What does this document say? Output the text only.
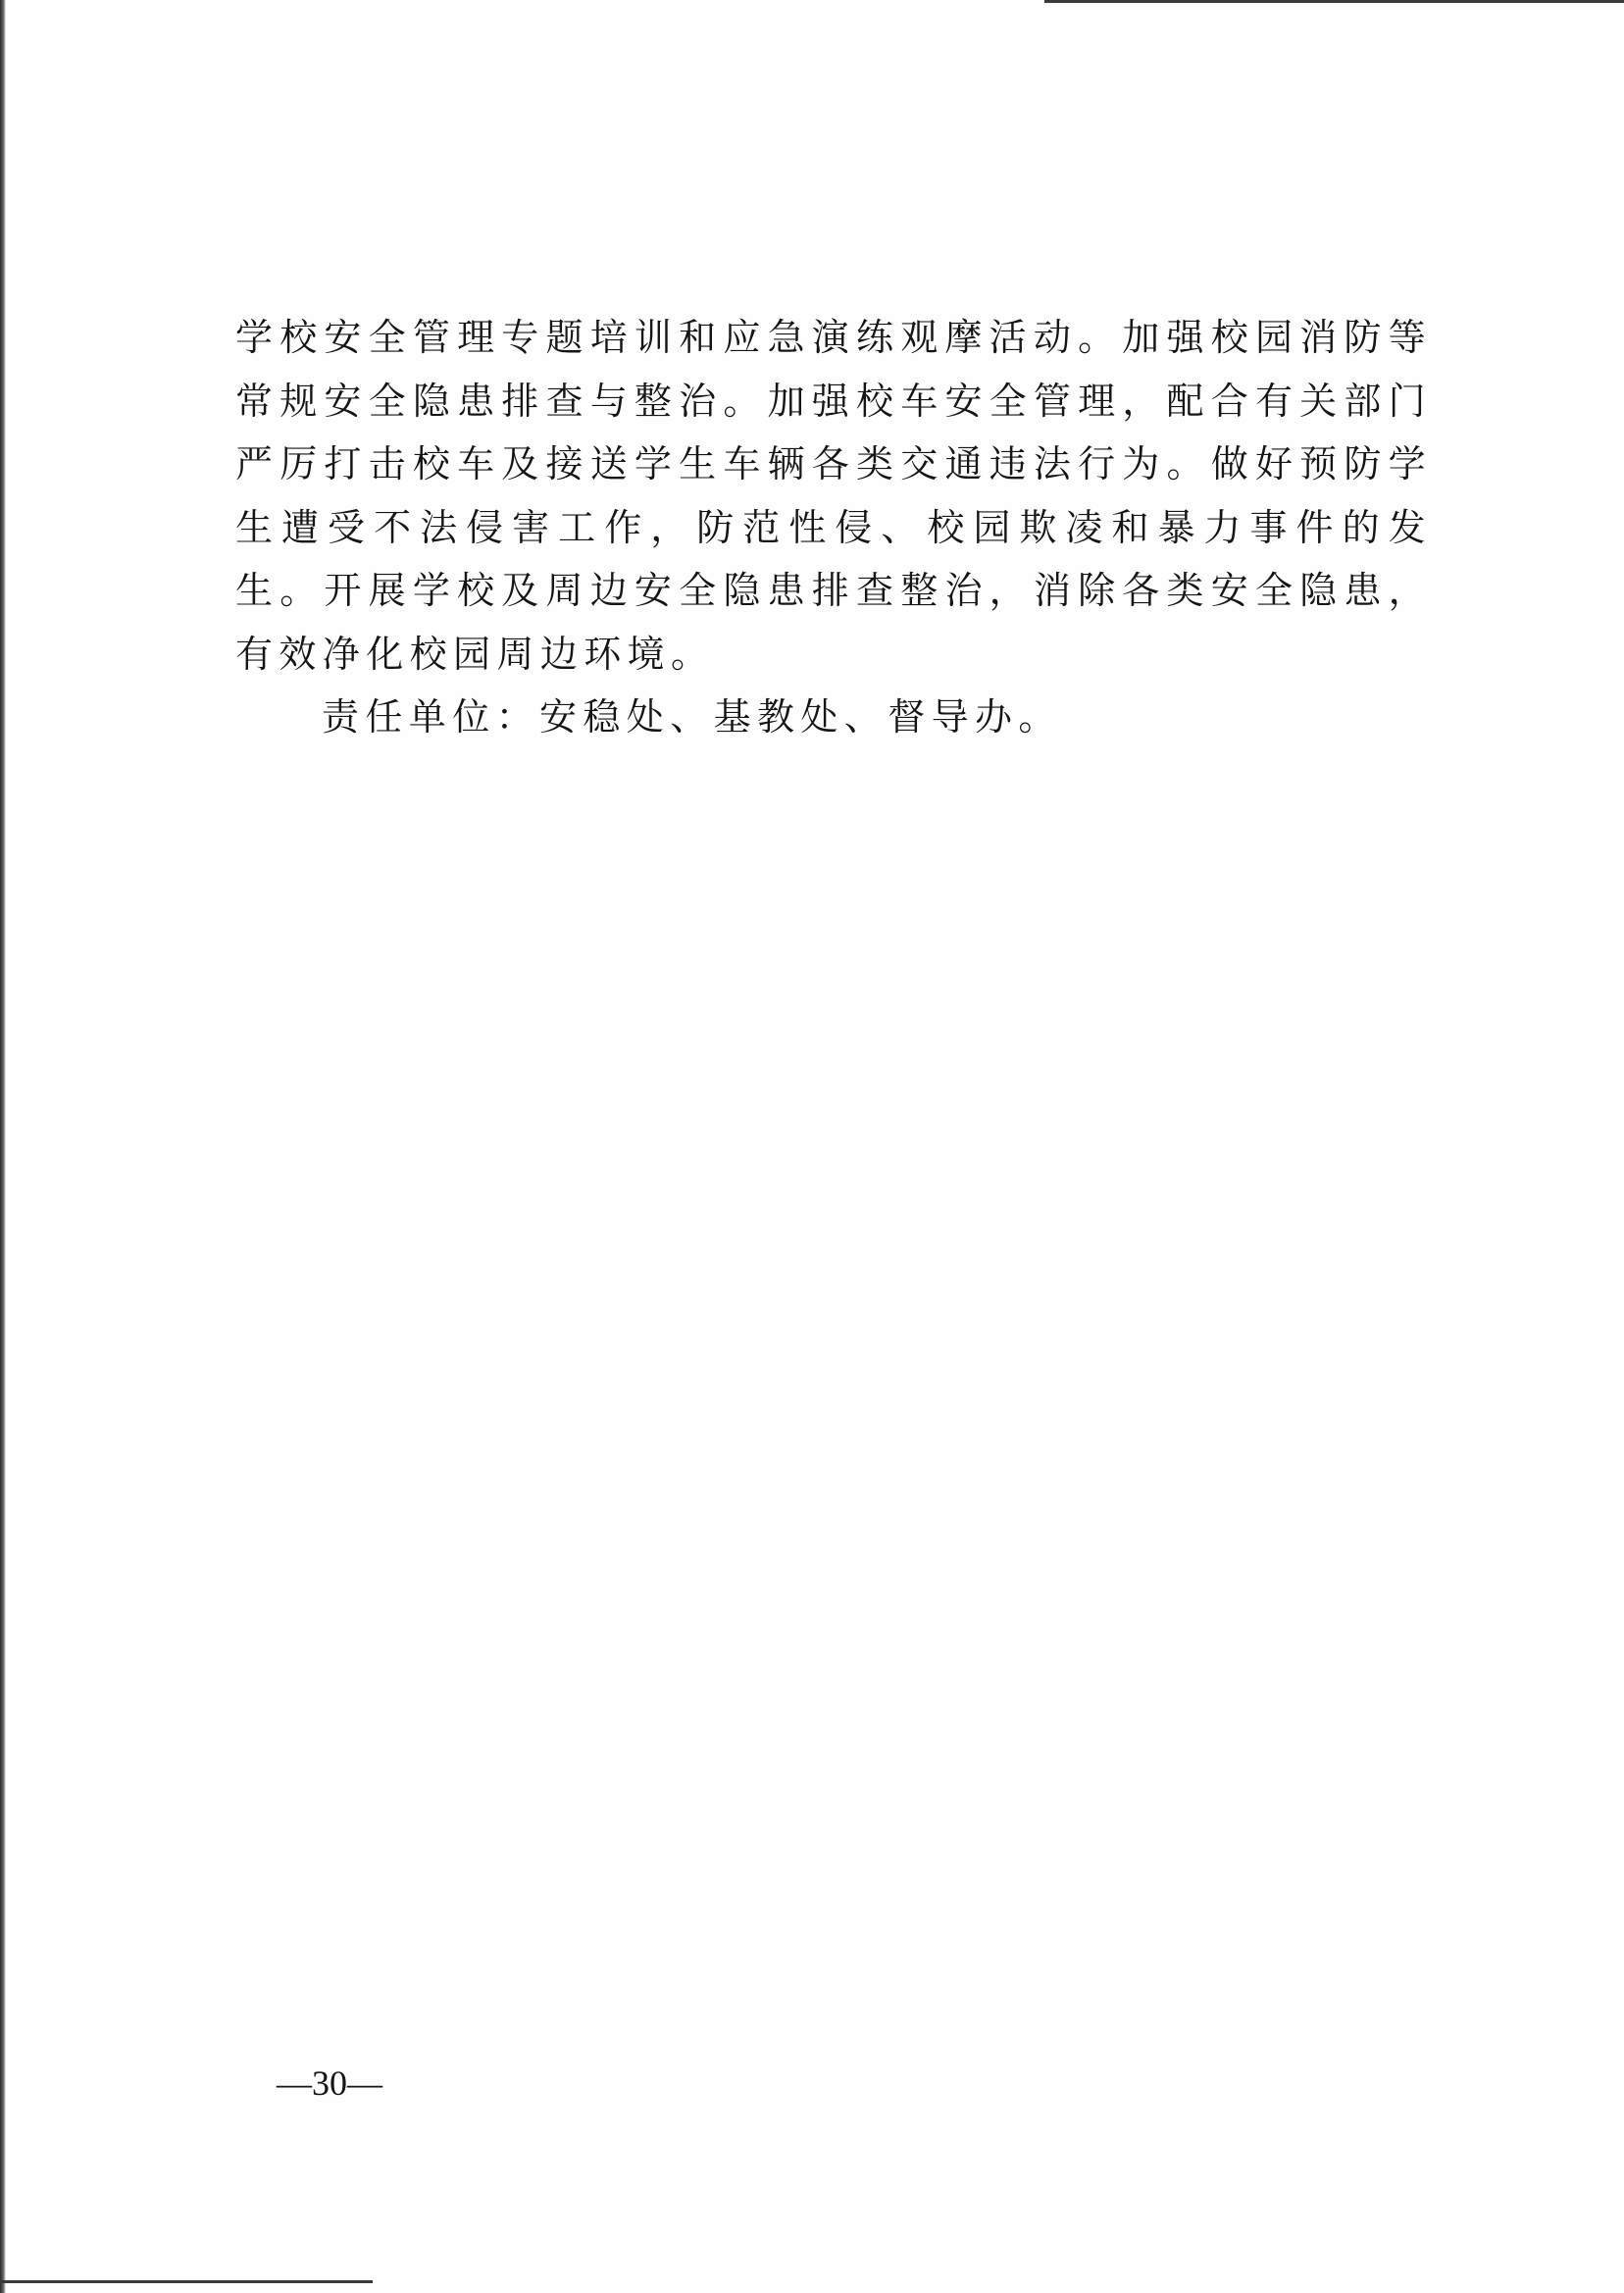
学校安全管理专题培训和应急演练观摩活动。加强校园消防等常规安全隐患排查与整治。加强校车安全管理，配合有关部门严厉打击校车及接送学生车辆各类交通违法行为。做好预防学生遭受不法侵害工作，防范性侵、校园欺凌和暴力事件的发生。开展学校及周边安全隐患排查整治，消除各类安全隐患，有效净化校园周边环境。

责任单位：安稳处、基教处、督导办。

—30—
